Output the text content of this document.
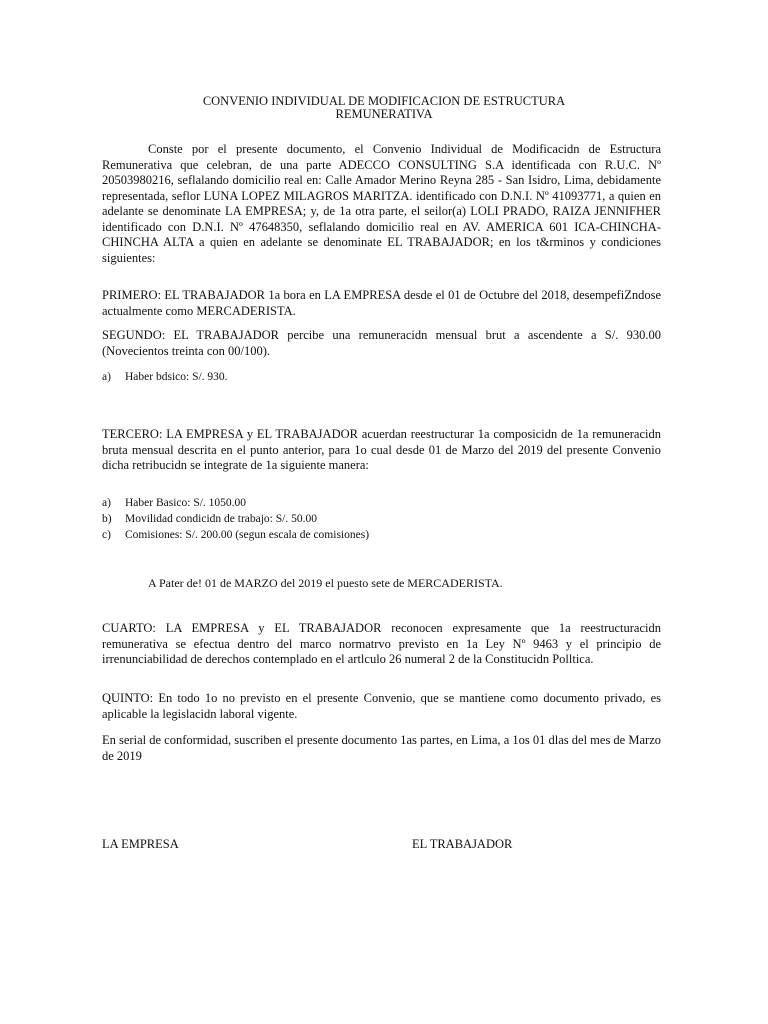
CONVENIO INDIVIDUAL DE MODIFICACION DE ESTRUCTURA
REMUNERATIVA

Conste por el presente documento, el Convenio Individual de Modificacidn de Estructura Remunerativa que celebran, de una parte ADECCO CONSULTING S.A identificada con R.U.C. Nº 20503980216, seflalando domicilio real en: Calle Amador Merino Reyna 285 - San Isidro, Lima, debidamente representada, seflor LUNA LOPEZ MILAGROS MARITZA. identificado con D.N.I. Nº 41093771, a quien en adelante se denominate LA EMPRESA; y, de 1a otra parte, el seilor(a) LOLI PRADO, RAIZA JENNIFHER identificado con D.N.I. Nº 47648350, seflalando domicilio real en AV. AMERICA 601 ICA-CHINCHA-CHINCHA ALTA a quien en adelante se denominate EL TRABAJADOR; en los t&rminos y condiciones siguientes:

PRIMERO: EL TRABAJADOR 1a bora en LA EMPRESA desde el 01 de Octubre del 2018, desempefiZndose actualmente como MERCADERISTA.

SEGUNDO: EL TRABAJADOR percibe una remuneracidn mensual brut a ascendente a S/. 930.00 (Novecientos treinta con 00/100).

a) Haber bdsico: S/. 930.

TERCERO: LA EMPRESA y EL TRABAJADOR acuerdan reestructurar 1a composicidn de 1a remuneracidn bruta mensual descrita en el punto anterior, para 1o cual desde 01 de Marzo del 2019 del presente Convenio dicha retribucidn se integrate de 1a siguiente manera:

a) Haber Basico: S/. 1050.00
b) Movilidad condicidn de trabajo: S/. 50.00
c) Comisiones: S/. 200.00 (segun escala de comisiones)
A Pater de! 01 de MARZO del 2019 el puesto sete de MERCADERISTA.

CUARTO: LA EMPRESA y EL TRABAJADOR reconocen expresamente que 1a reestructuracidn remunerativa se efectua dentro del marco normatrvo previsto en 1a Ley Nº 9463 y el principio de irrenunciabilidad de derechos contemplado en el artlculo 26 numeral 2 de la Constitucidn Polltica.

QUINTO: En todo 1o no previsto en el presente Convenio, que se mantiene como documento privado, es aplicable la legislacidn laboral vigente.

En serial de conformidad, suscriben el presente documento 1as partes, en Lima, a 1os 01 dlas del mes de Marzo de 2019

LA EMPRESA	EL TRABAJADOR
